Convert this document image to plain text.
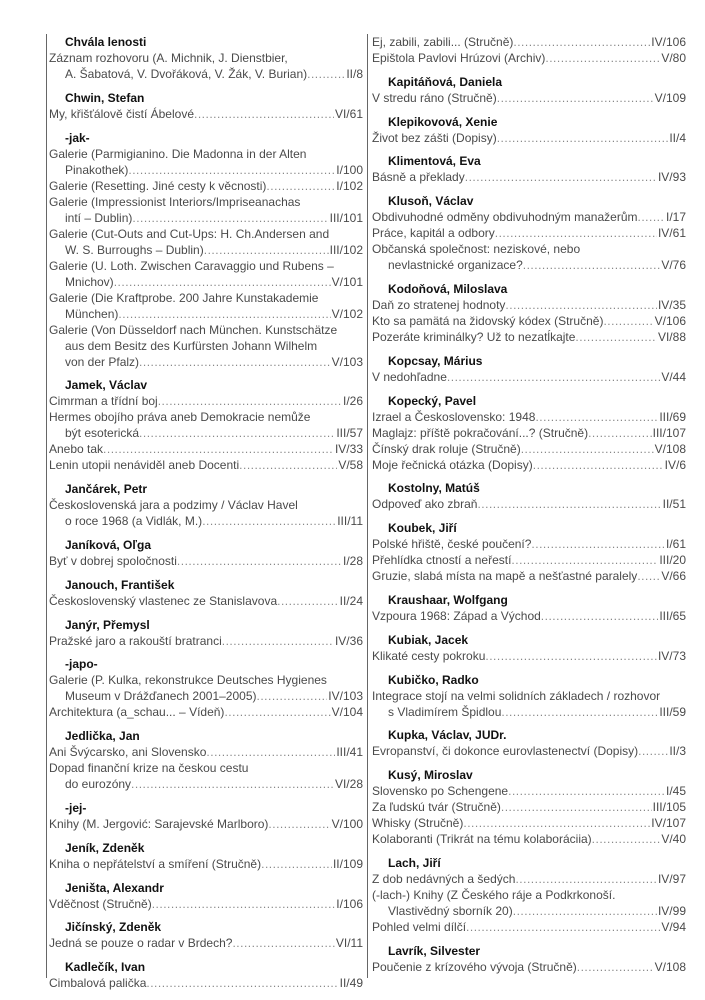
Chvála lenosti
Záznam rozhovoru (A. Michnik, J. Dienstbier,
A. Šabatová, V. Dvořáková, V. Žák, V. Burian) .....	II/8
Chwin, Stefan
My, křišťálově čistí Ábelové .....	VI/61
-jak-
Galerie (Parmigianino. Die Madonna in der Alten
Pinakothek) .....	I/100
Galerie (Resetting. Jiné cesty k věcnosti) .....	I/102
Galerie (Impressionist Interiors/Impriseanachas
intí – Dublin) .....	III/101
Galerie (Cut-Outs and Cut-Ups: H. Ch.Andersen and
W. S. Burroughs – Dublin) .....	III/102
Galerie (U. Loth. Zwischen Caravaggio und Rubens –
Mnichov) .....	V/101
Galerie (Die Kraftprobe. 200 Jahre Kunstakademie
München) .....	V/102
Galerie (Von Düsseldorf nach München. Kunstschätze
aus dem Besitz des Kurfürsten Johann Wilhelm
von der Pfalz) .....	V/103
Jamek, Václav
Cimrman a třídní boj .....	I/26
Hermes obojího práva aneb Demokracie nemůže
být esoterická .....	III/57
Anebo tak .....	IV/33
Lenin utopii nenáviděl aneb Docenti .....	V/58
Jančárek, Petr
Československá jara a podzimy / Václav Havel
o roce 1968 (a Vidlák, M.) .....	III/11
Janíková, Oľga
Byť v dobrej spoločnosti .....	I/28
Janouch, František
Československý vlastenec ze Stanislavova .....	II/24
Janýr, Přemysl
Pražské jaro a rakouští bratranci .....	IV/36
-japo-
Galerie (P. Kulka, rekonstrukce Deutsches Hygienes
Museum v Drážďanech 2001–2005) .....	IV/103
Architektura (a_schau... – Vídeň) .....	V/104
Jedlička, Jan
Ani Švýcarsko, ani Slovensko .....	III/41
Dopad finanční krize na českou cestu
do eurozóny .....	VI/28
-jej-
Knihy (M. Jergović: Sarajevské Marlboro) .....	V/100
Jeník, Zdeněk
Kniha o nepřátelství a smíření (Stručně) .....	II/109
Jeništa, Alexandr
Vděčnost (Stručně) .....	I/106
Jičínský, Zdeněk
Jedná se pouze o radar v Brdech? .....	VI/11
Kadlečík, Ivan
Cimbalová palička .....	II/49
Ej, zabili, zabili... (Stručně) .....	IV/106
Epištola Pavlovi Hrúzovi (Archiv) .....	V/80
Kapitáňová, Daniela
V stredu ráno (Stručně) .....	V/109
Klepikovová, Xenie
Život bez zášti (Dopisy) .....	II/4
Klimentová, Eva
Básně a překlady .....	IV/93
Klusoň, Václav
Obdivuhodné odměny obdivuhodným manažerům ..... I/17
Práce, kapitál a odbory .....	IV/61
Občanská společnost: neziskové, nebo
nevlastnické organizace? .....	V/76
Kodoňová, Miloslava
Daň zo stratenej hodnoty .....	IV/35
Kto sa pamätá na židovský kódex (Stručně) .....	V/106
Pozeráte kriminálky? Už to nezatĺkajte .....	VI/88
Kopcsay, Márius
V nedohľadne .....	V/44
Kopecký, Pavel
Izrael a Československo: 1948 .....	III/69
Maglajz: příště pokračování...? (Stručně) .....	III/107
Čínský drak roluje (Stručně) .....	V/108
Moje řečnická otázka (Dopisy) .....	IV/6
Kostolny, Matúš
Odpoveď ako zbraň .....	II/51
Koubek, Jiří
Polské hřiště, české poučení? .....	I/61
Přehlídka ctností a neřestí .....	III/20
Gruzie, slabá místa na mapě a nešťastné paralely ..... V/66
Kraushaar, Wolfgang
Vzpoura 1968: Západ a Východ .....	III/65
Kubiak, Jacek
Klikaté cesty pokroku .....	IV/73
Kubičko, Radko
Integrace stojí na velmi solidních základech / rozhovor
s Vladimírem Špidlou .....	III/59
Kupka, Václav, JUDr.
Evropanství, či dokonce eurovlastenectví (Dopisy) .....	II/3
Kusý, Miroslav
Slovensko po Schengene .....	I/45
Za ľudskú tvár (Stručně) .....	III/105
Whisky (Stručně) .....	IV/107
Kolaboranti (Trikrát na tému kolaboráciia) .....	V/40
Lach, Jiří
Z dob nedávných a šedých .....	IV/97
(-lach-) Knihy (Z Českého ráje a Podkrkonoší.
Vlastivědný sborník 20) .....	IV/99
Pohled velmi dílčí .....	V/94
Lavrík, Silvester
Poučenie z krízového vývoja (Stručně) .....	V/108
